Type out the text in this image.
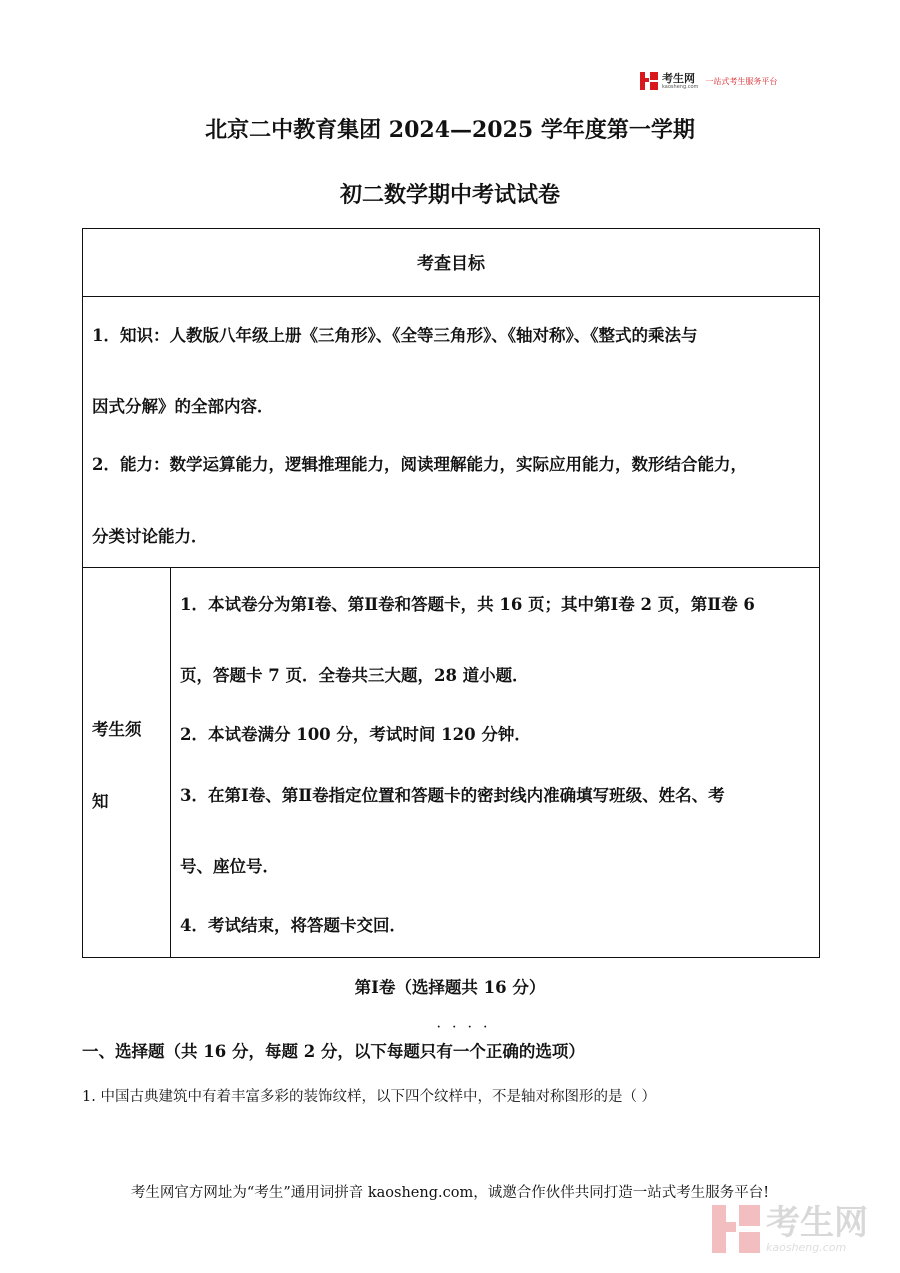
考生网
kaosheng.com
一站式考生服务平台
北京二中教育集团 2024—2025 学年度第一学期
初二数学期中考试试卷
考查目标
1．知识：人教版八年级上册《三角形》、《全等三角形》、《轴对称》、《整式的乘法与
因式分解》的全部内容．
2．能力：数学运算能力，逻辑推理能力，阅读理解能力，实际应用能力，数形结合能力，
分类讨论能力．
考生须
知
1．本试卷分为第Ⅰ卷、第Ⅱ卷和答题卡，共 16 页；其中第Ⅰ卷 2 页，第Ⅱ卷 6
页，答题卡 7 页．全卷共三大题，28 道小题．
2．本试卷满分 100 分，考试时间 120 分钟．
3．在第Ⅰ卷、第Ⅱ卷指定位置和答题卡的密封线内准确填写班级、姓名、考
号、座位号．
4．考试结束，将答题卡交回．
第Ⅰ卷（选择题共 16 分）
····
一、选择题（共 16 分，每题 2 分，以下每题只有一个正确的选项）
1. 中国古典建筑中有着丰富多彩的装饰纹样，以下四个纹样中，不是轴对称图形的是（ ）
考生网官方网址为“考生”通用词拼音 kaosheng.com，诚邀合作伙伴共同打造一站式考生服务平台!
考生网
kaosheng.com
